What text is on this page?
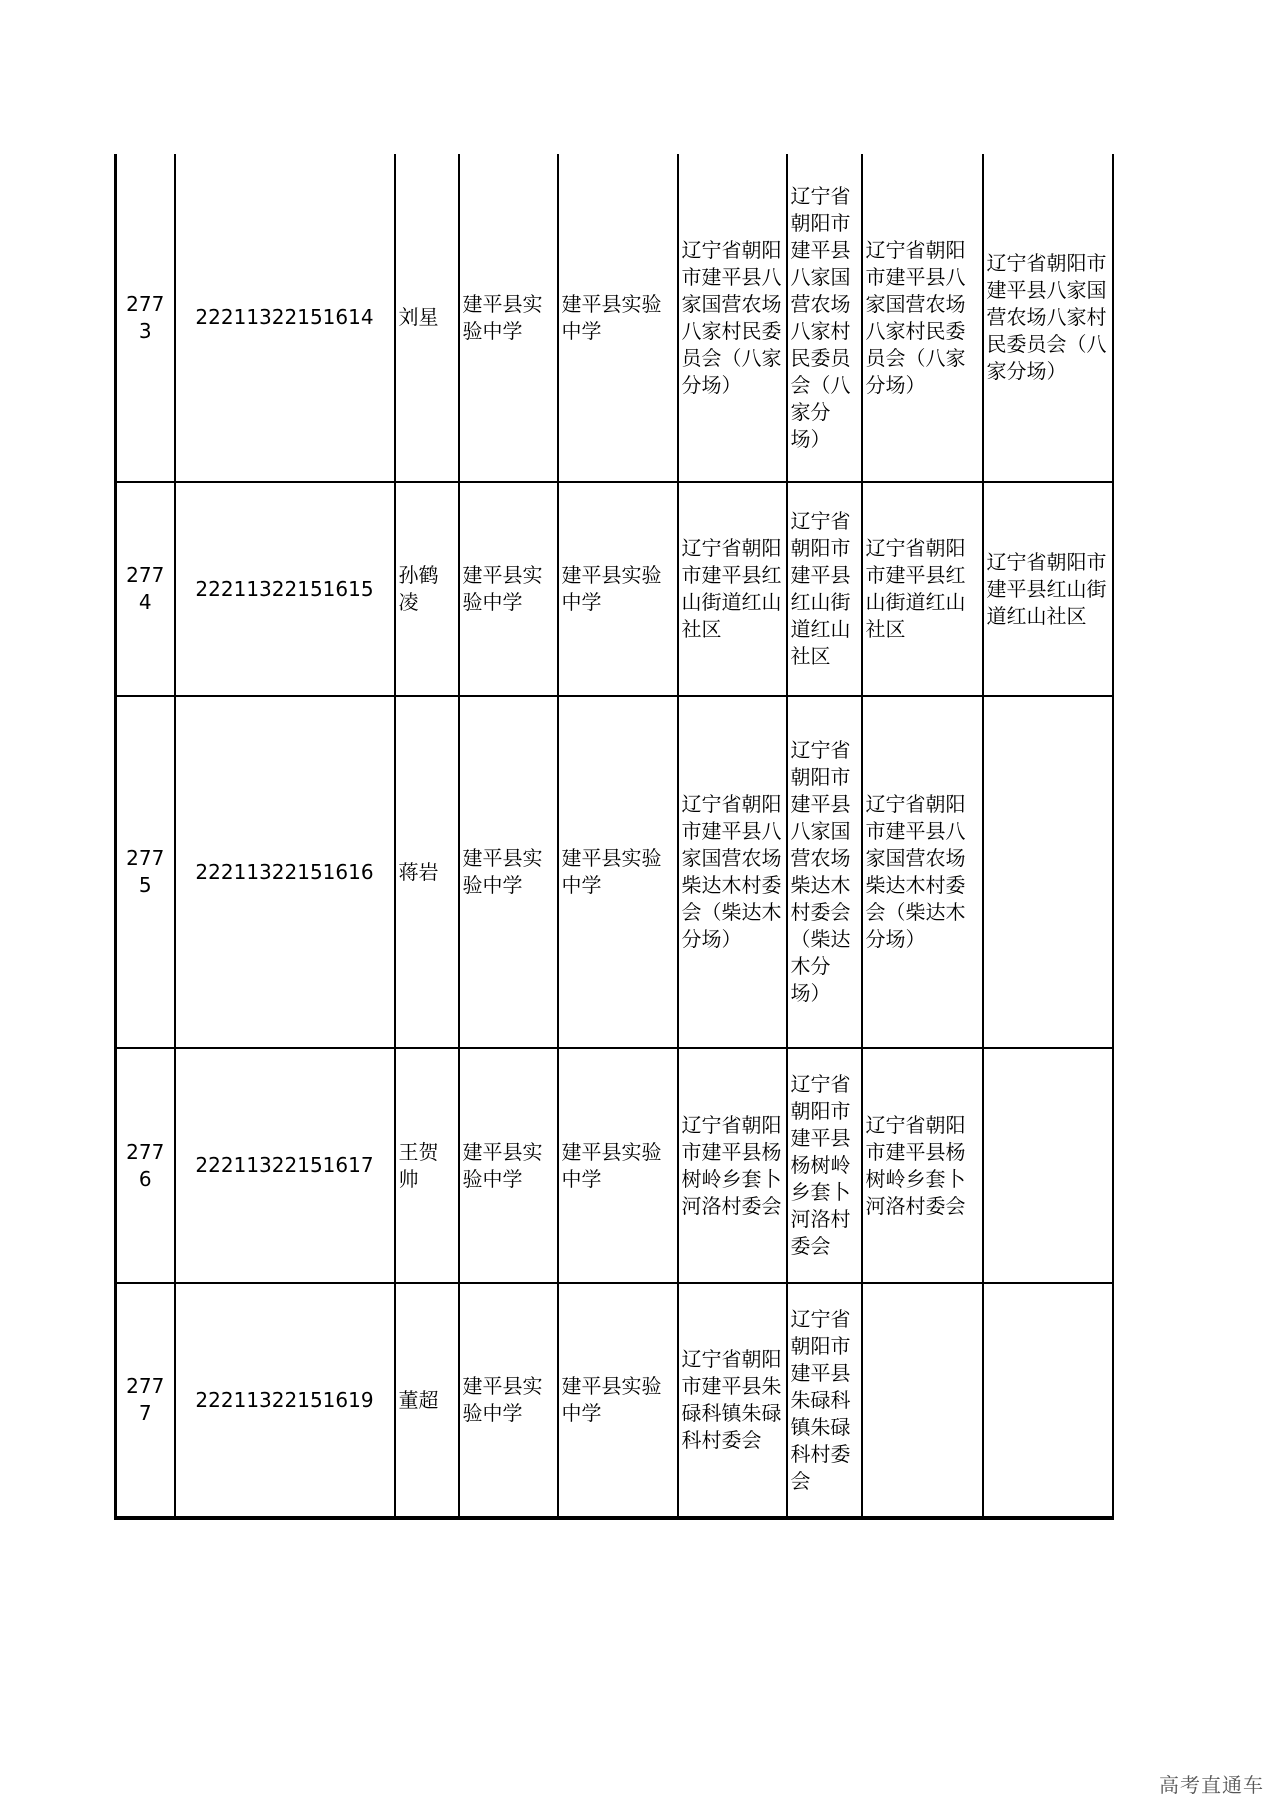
2773	22211322151614	刘星	建平县实验中学	建平县实验中学	辽宁省朝阳市建平县八家国营农场八家村民委员会（八家分场）	辽宁省朝阳市建平县八家国营农场八家村民委员会（八家分场）	辽宁省朝阳市建平县八家国营农场八家村民委员会（八家分场）	辽宁省朝阳市建平县八家国营农场八家村民委员会（八家分场）
2774	22211322151615	孙鹤凌	建平县实验中学	建平县实验中学	辽宁省朝阳市建平县红山街道红山社区	辽宁省朝阳市建平县红山街道红山社区	辽宁省朝阳市建平县红山街道红山社区	辽宁省朝阳市建平县红山街道红山社区
2775	22211322151616	蒋岩	建平县实验中学	建平县实验中学	辽宁省朝阳市建平县八家国营农场柴达木村委会（柴达木分场）	辽宁省朝阳市建平县八家国营农场柴达木村委会（柴达木分场）	辽宁省朝阳市建平县八家国营农场柴达木村委会（柴达木分场）	
2776	22211322151617	王贺帅	建平县实验中学	建平县实验中学	辽宁省朝阳市建平县杨树岭乡套卜河洛村委会	辽宁省朝阳市建平县杨树岭乡套卜河洛村委会	辽宁省朝阳市建平县杨树岭乡套卜河洛村委会	
2777	22211322151619	董超	建平县实验中学	建平县实验中学	辽宁省朝阳市建平县朱碌科镇朱碌科村委会	辽宁省朝阳市建平县朱碌科镇朱碌科村委会		
高考直通车
